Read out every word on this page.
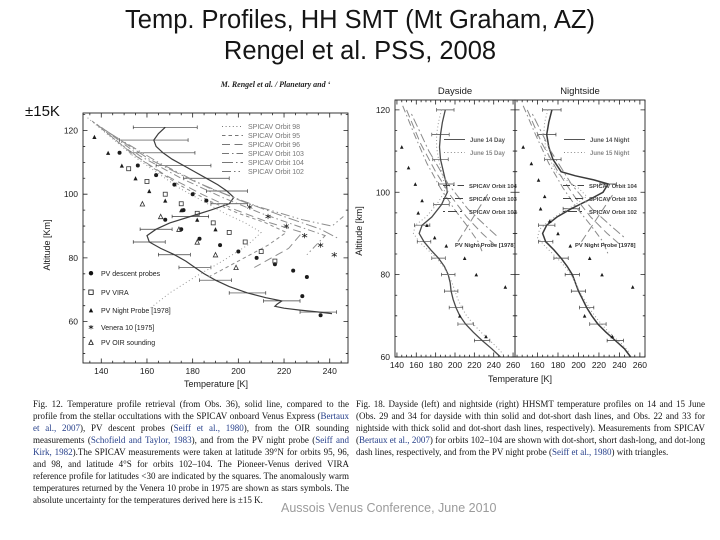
Temp. Profiles, HH SMT (Mt Graham, AZ)
Rengel et al. PSS, 2008
±15K
M. Rengel et al. / Planetary and ‘
140	160	180	200	220	240
60
80
100
120	SPICAV Orbit 98
SPICAV Orbit 95
SPICAV Orbit 96
SPICAV Orbit 103
SPICAV Orbit 104
SPICAV Orbit 102
PV descent probes
PV VIRA
PV Night Probe [1978]
Venera 10 [1975]
PV OIR sounding
Temperature [K]
Altitude [Km]

Fig. 12. Temperature profile retrieval (from Obs. 36), solid line, compared to the profile from the stellar occultations with the SPICAV onboard Venus Express (Bertaux et al., 2007), PV descent probes (Seiff et al., 1980), from the OIR sounding measurements (Schofield and Taylor, 1983), and from the PV night probe (Seiff and Kirk, 1982).The SPICAV measurements were taken at latitude 39°N for orbits 95, 96, and 98, and latitude 4°S for orbits 102–104. The Pioneer-Venus derived VIRA reference profile for latitudes <30 are indicated by the squares. The anomalously warm temperatures returned by the Venera 10 probe in 1975 are shown as stars symbols. The absolute uncertainty for the temperatures derived here is ±15 K.

Dayside
140 160 180 200 220 240 260
60
80
100
120
June 14 Day
June 15 Day
SPICAV Orbit 104
SPICAV Orbit 103
SPICAV Orbit 102
PV Night Probe [1978]
Nightside
160 180 200 220 240 260
June 14 Night
June 15 Night
SPICAV Orbit 104
SPICAV Orbit 103
SPICAV Orbit 102
PV Night Probe [1978]
Temperature [K]
Altitude [km]

Fig. 18. Dayside (left) and nightside (right) HHSMT temperature profiles on 14 and 15 June (Obs. 29 and 34 for dayside with thin solid and dot-short dash lines, and Obs. 22 and 33 for nightside with thick solid and dot-short dash lines, respectively). Measurements from SPICAV (Bertaux et al., 2007) for orbits 102–104 are shown with dot-short, short dash-long, and dot-long dash lines, respectively, and from the PV night probe (Seiff et al., 1980) with triangles.

Aussois Venus Conference, June 2010
